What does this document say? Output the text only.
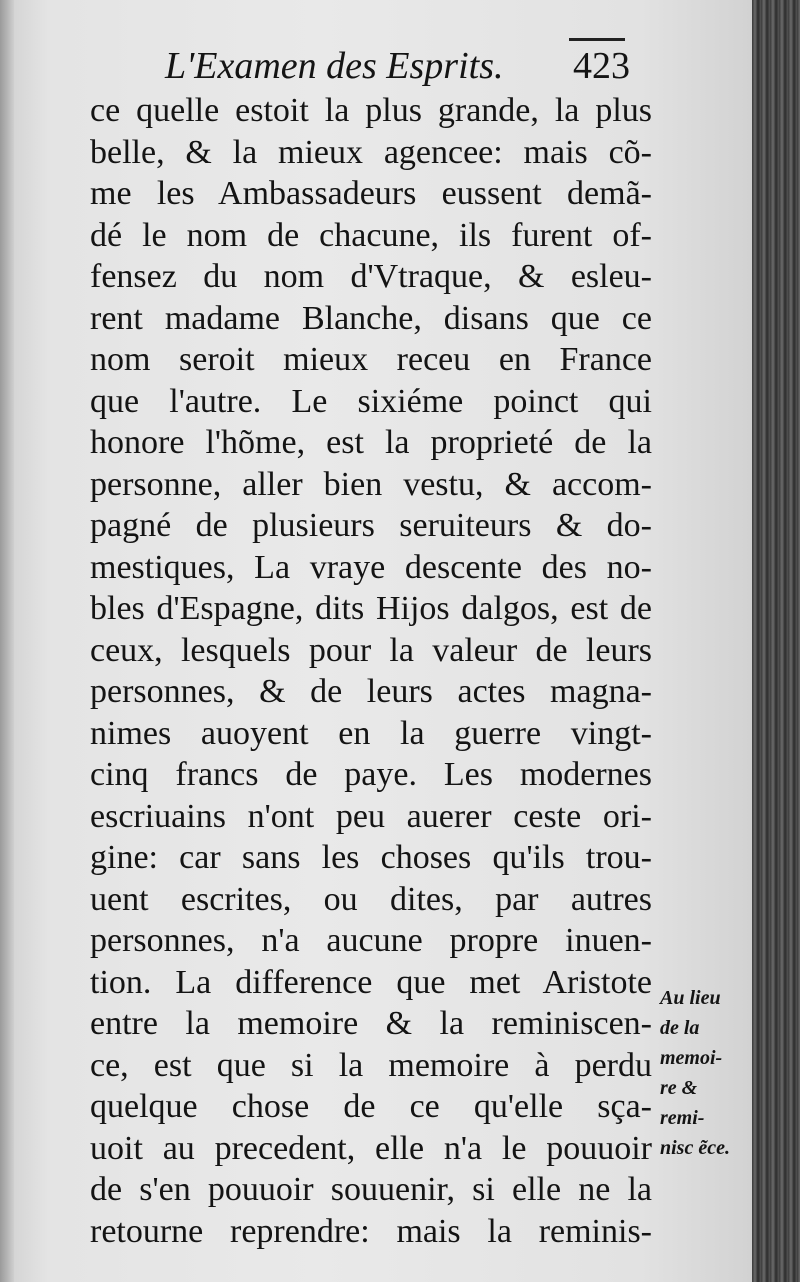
L'Examen des Esprits. 423
ce quelle estoit la plus grande, la plus
belle, & la mieux agencee: mais cõ-
me les Ambassadeurs eussent demã-
dé le nom de chacune, ils furent of-
fensez du nom d'Vtraque, & esleu-
rent madame Blanche, disans que ce
nom seroit mieux receu en France
que l'autre. Le sixiéme poinct qui
honore l'hõme, est la proprieté de la
personne, aller bien vestu, & accom-
pagné de plusieurs seruiteurs & do-
mestiques, La vraye descente des no-
bles d'Espagne, dits Hijos dalgos, est de
ceux, lesquels pour la valeur de leurs
personnes, & de leurs actes magna-
nimes auoyent en la guerre vingt-
cinq francs de paye. Les modernes
escriuains n'ont peu auerer ceste ori-
gine: car sans les choses qu'ils trou-
uent escrites, ou dites, par autres
personnes, n'a aucune propre inuen-
tion. La difference que met Aristote
entre la memoire & la reminiscen-
ce, est que si la memoire à perdu
quelque chose de ce qu'elle sça-
uoit au precedent, elle n'a le pouuoir
de s'en pouuoir souuenir, si elle ne la
retourne reprendre: mais la reminis-
Au lieu
de la
memoi-
re &
remi-
nisc ẽce.
